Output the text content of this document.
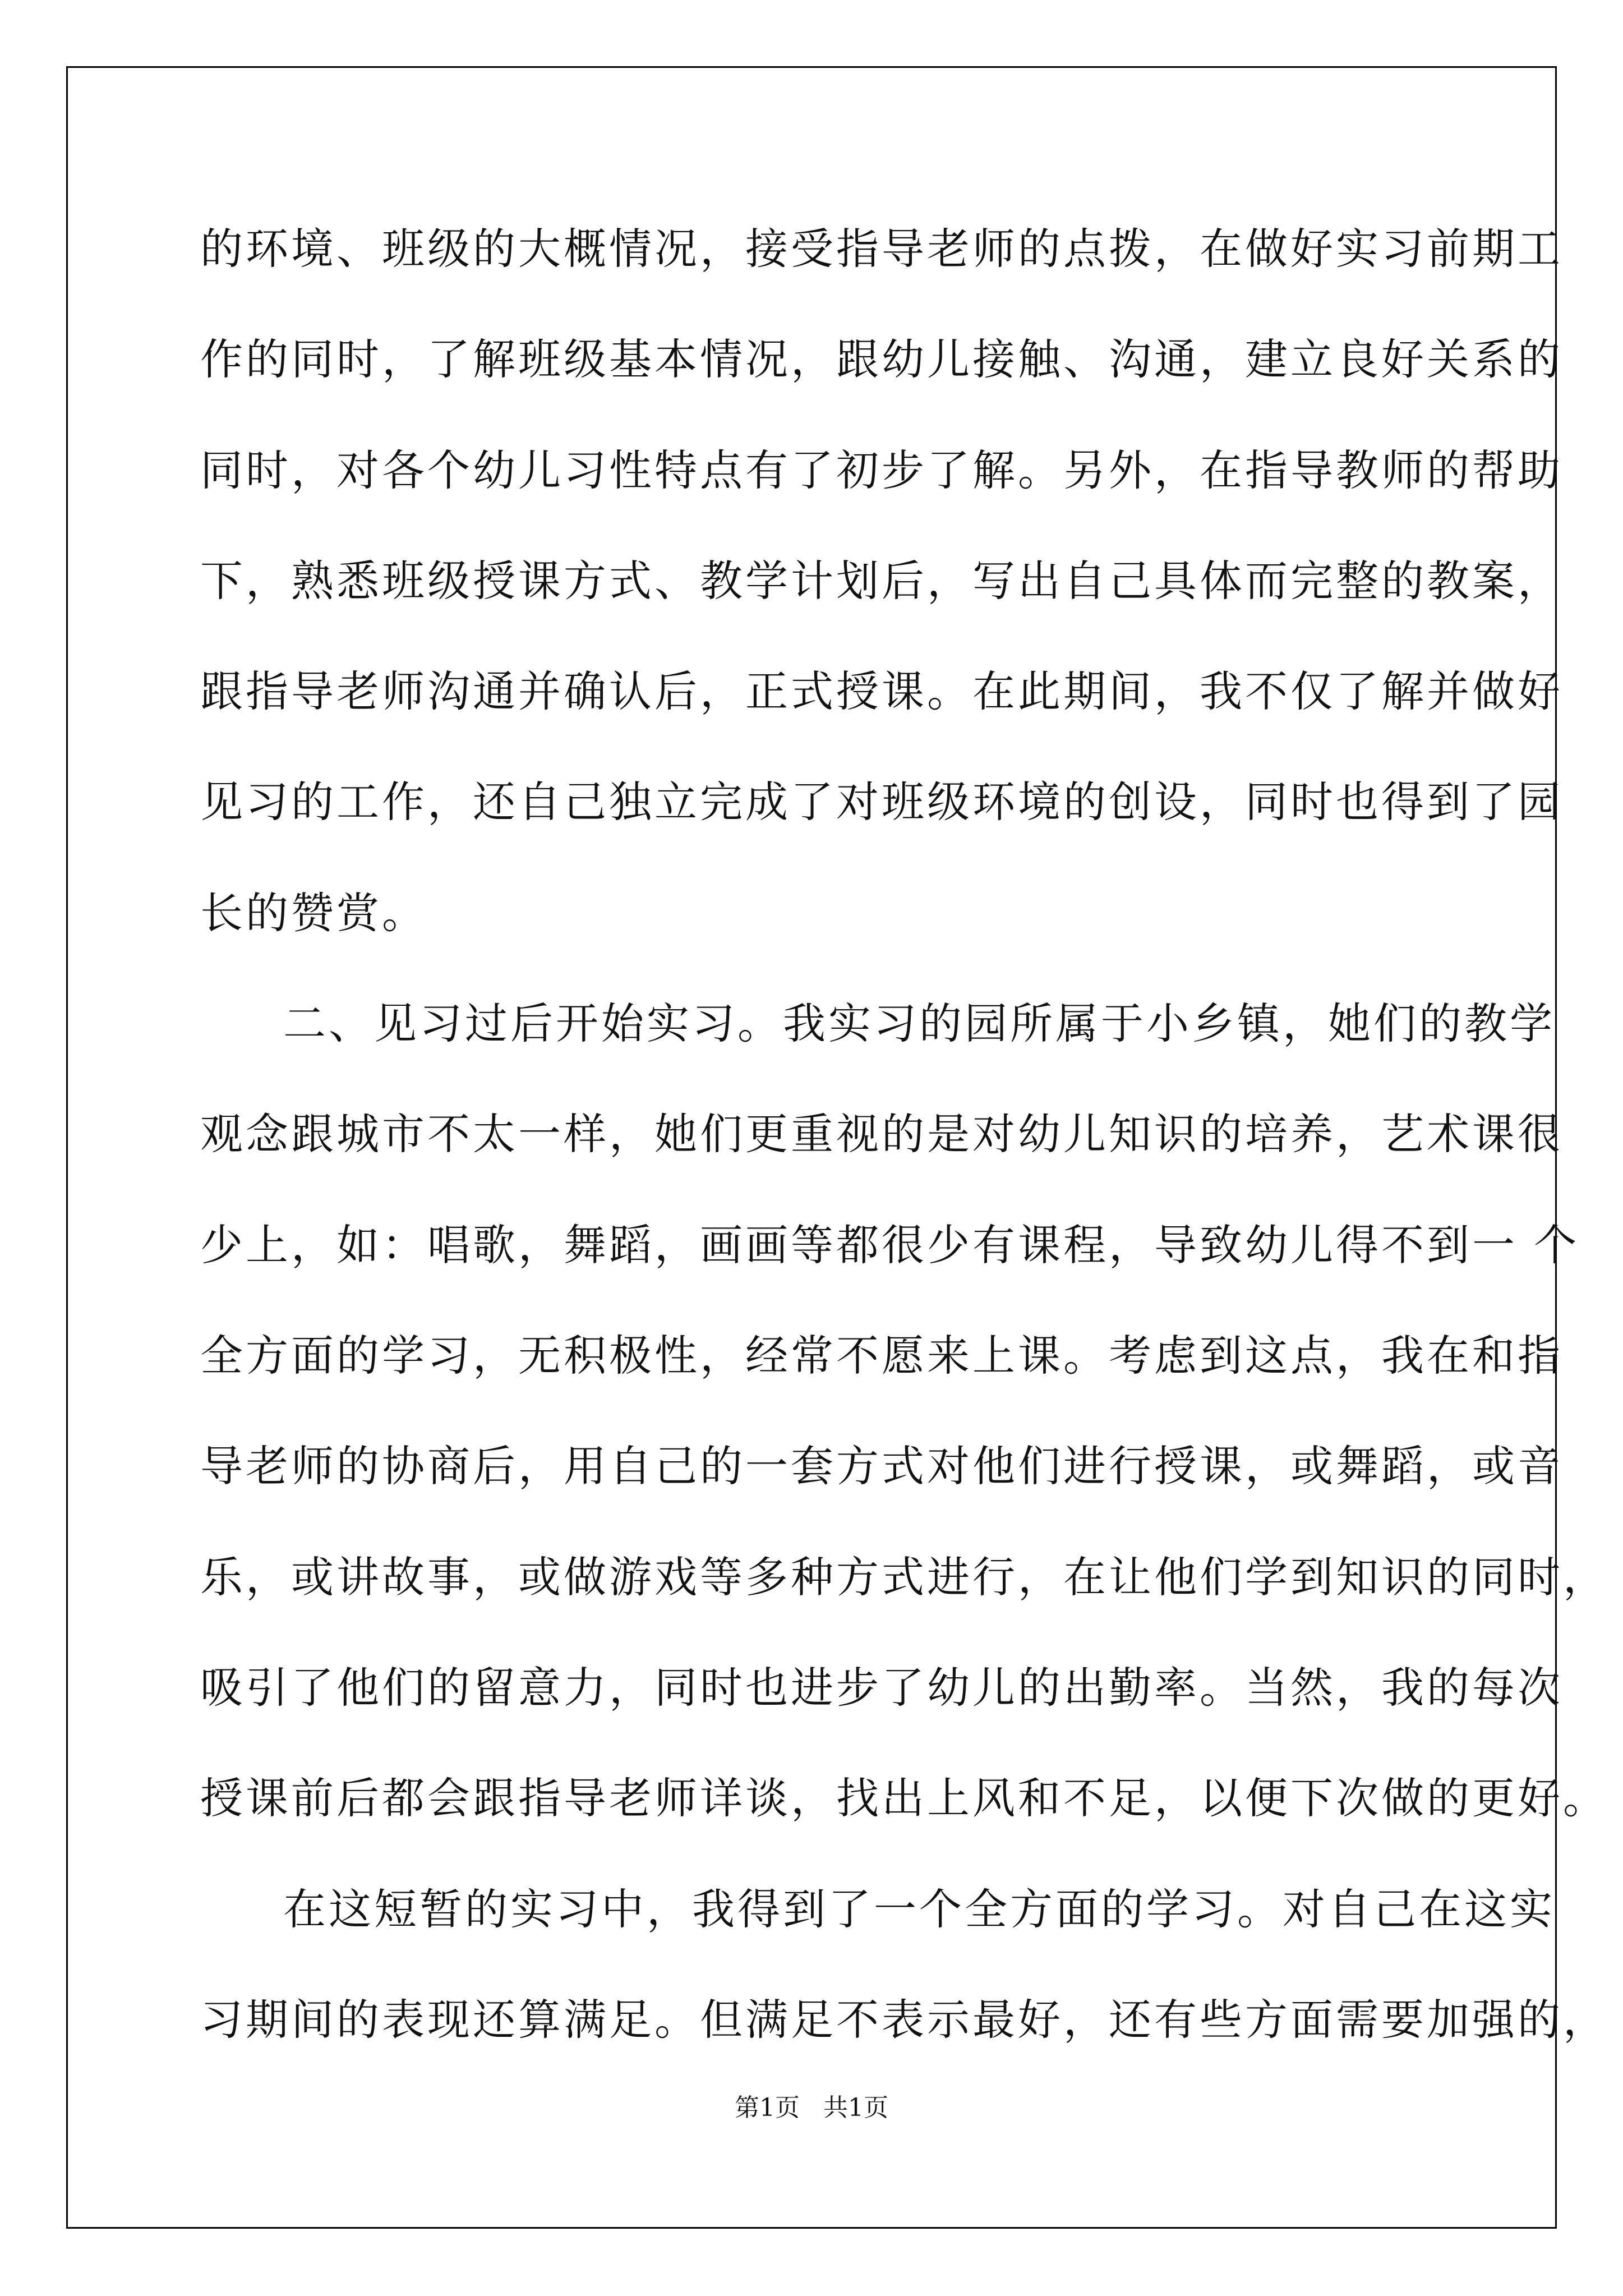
的环境、班级的大概情况，接受指导老师的点拨，在做好实习前期工
作的同时，了解班级基本情况，跟幼儿接触、沟通，建立良好关系的
同时，对各个幼儿习性特点有了初步了解。另外，在指导教师的帮助
下，熟悉班级授课方式、教学计划后，写出自己具体而完整的教案，
跟指导老师沟通并确认后，正式授课。在此期间，我不仅了解并做好
见习的工作，还自己独立完成了对班级环境的创设，同时也得到了园
长的赞赏。
二、见习过后开始实习。我实习的园所属于小乡镇，她们的教学
观念跟城市不太一样，她们更重视的是对幼儿知识的培养，艺术课很
少上，如：唱歌，舞蹈，画画等都很少有课程，导致幼儿得不到一 个
全方面的学习，无积极性，经常不愿来上课。考虑到这点，我在和指
导老师的协商后，用自己的一套方式对他们进行授课，或舞蹈，或音
乐，或讲故事，或做游戏等多种方式进行，在让他们学到知识的同时，
吸引了他们的留意力，同时也进步了幼儿的出勤率。当然，我的每次
授课前后都会跟指导老师详谈，找出上风和不足，以便下次做的更好。
在这短暂的实习中，我得到了一个全方面的学习。对自己在这实
习期间的表现还算满足。但满足不表示最好，还有些方面需要加强的，
第1页   共1页
